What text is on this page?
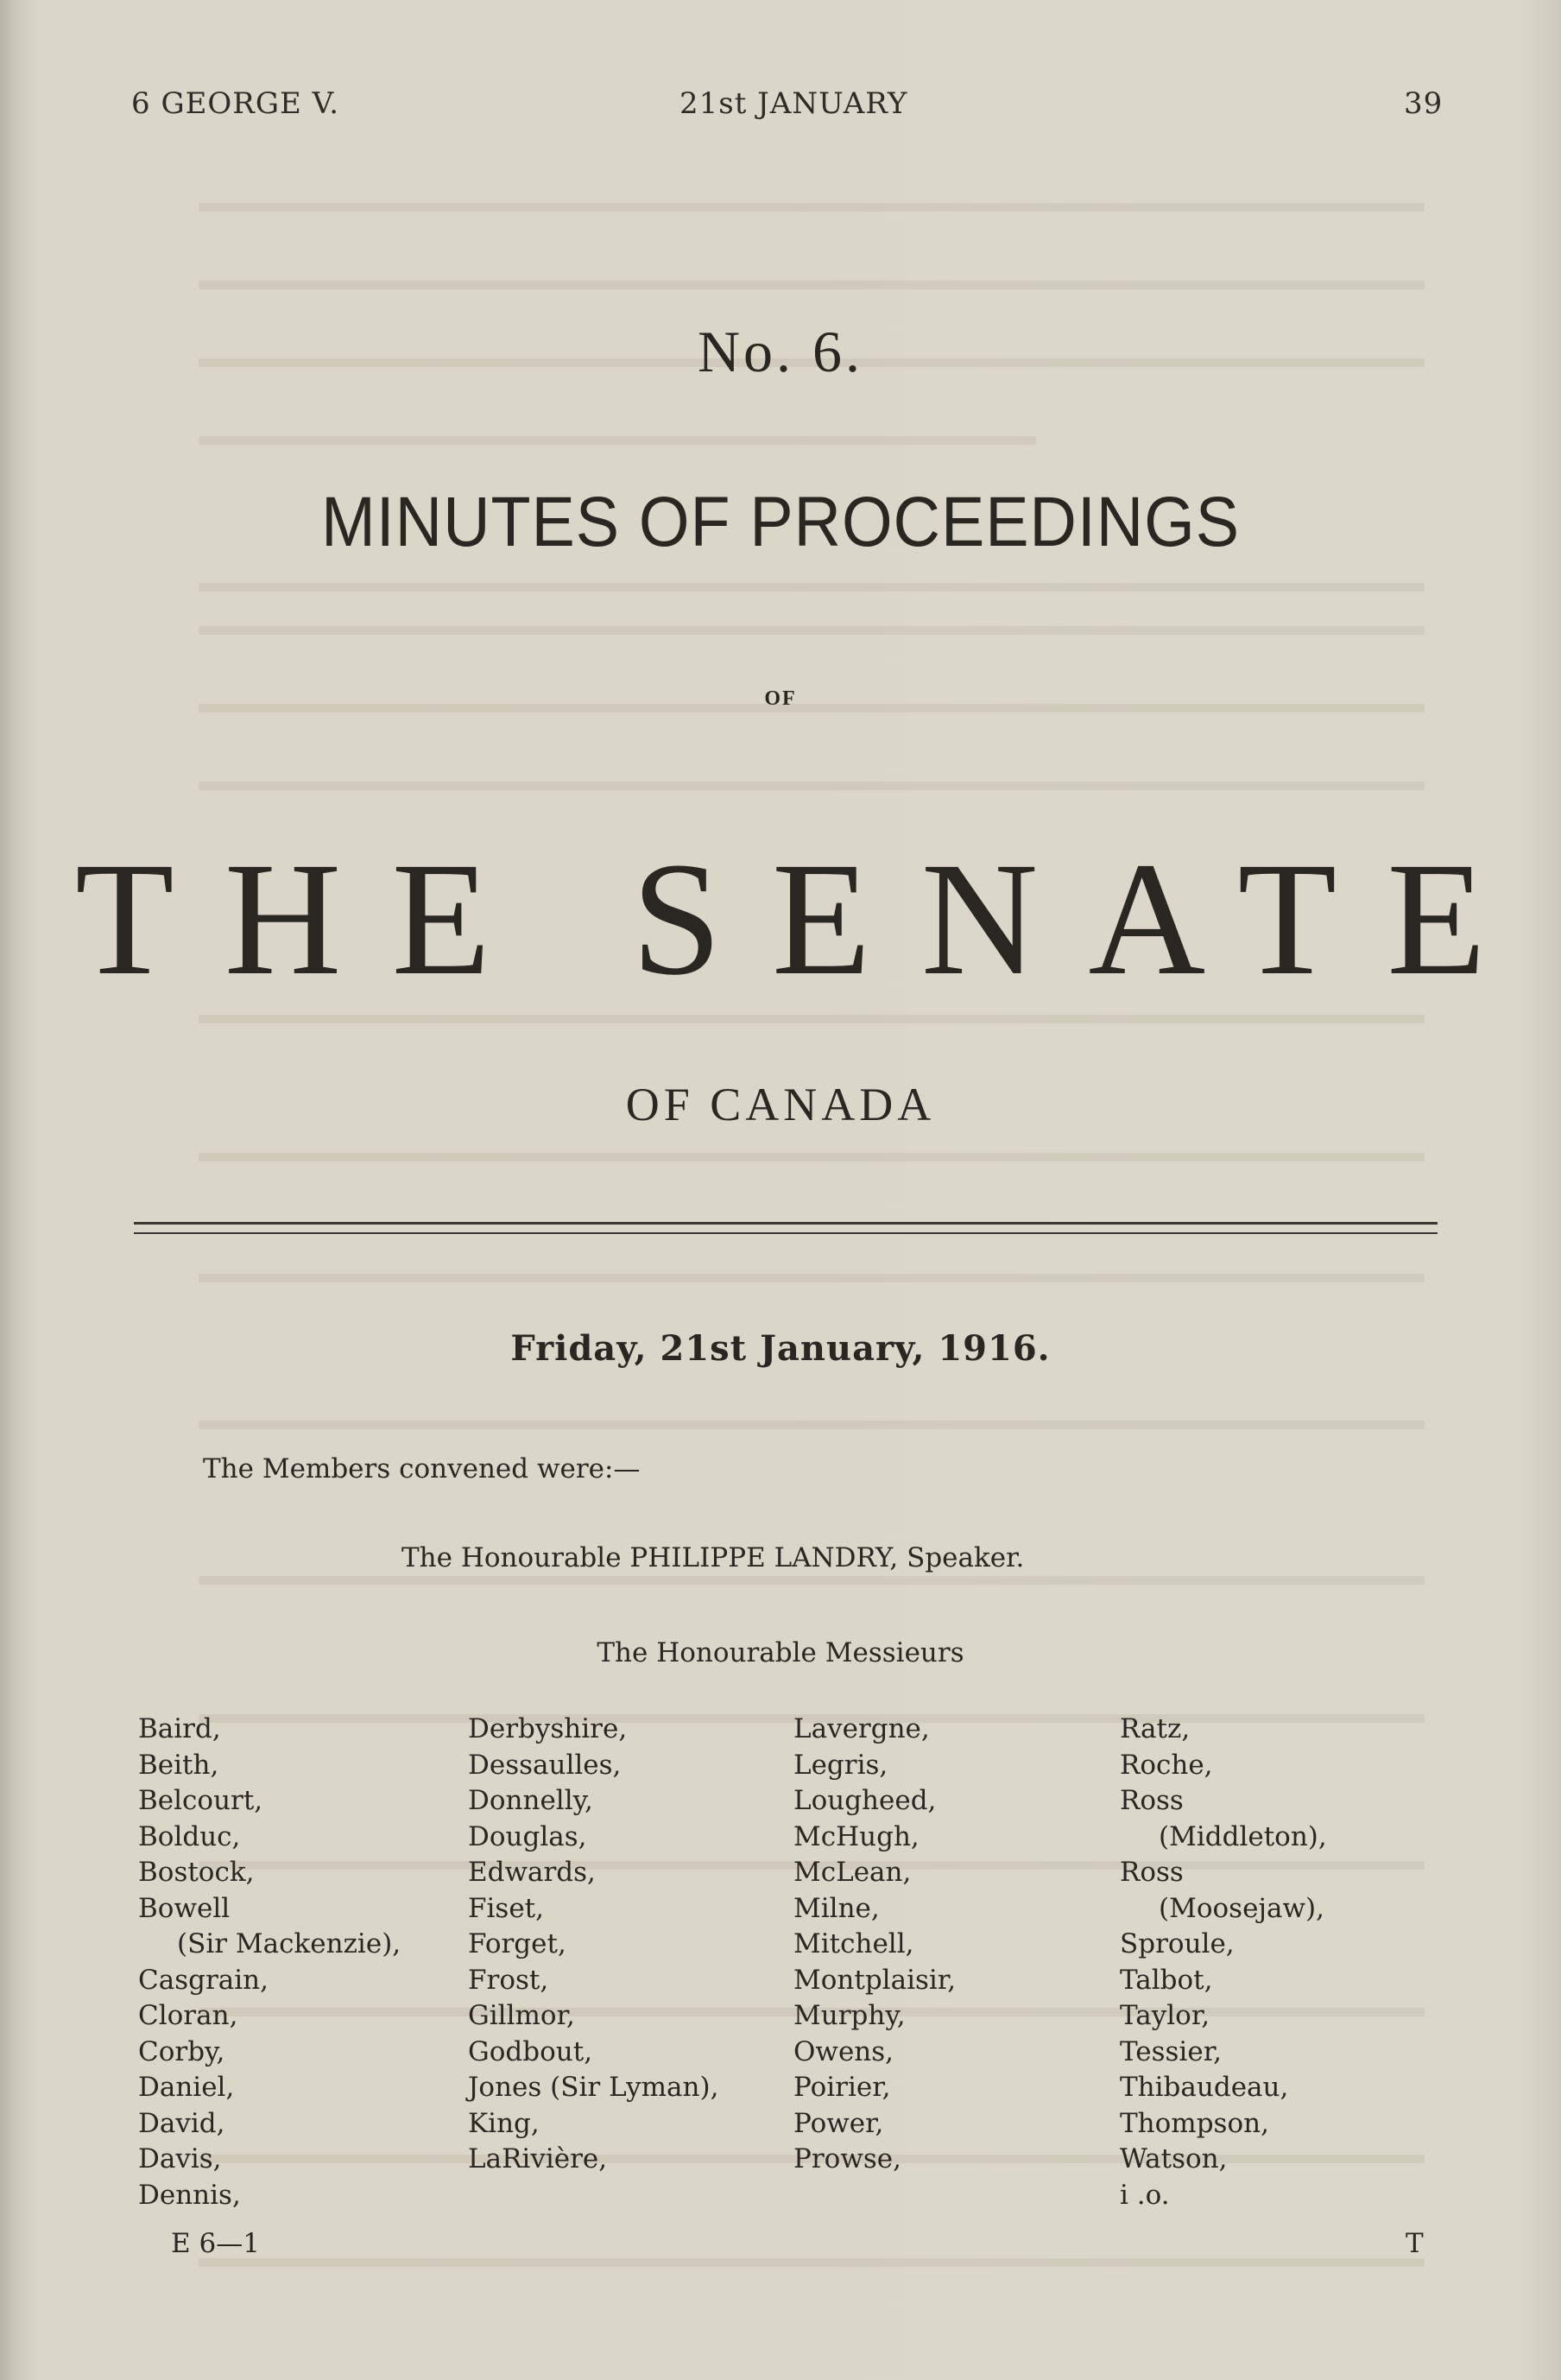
6 GEORGE V.	21st JANUARY	39
No. 6.
MINUTES OF PROCEEDINGS
OF
THE SENATE
OF CANADA
Friday, 21st January, 1916.
The Members convened were:—
The Honourable PHILIPPE LANDRY, Speaker.
The Honourable Messieurs
Baird,
Beith,
Belcourt,
Bolduc,
Bostock,
Bowell
(Sir Mackenzie),
Casgrain,
Cloran,
Corby,
Daniel,
David,
Davis,
Dennis,
Derbyshire,
Dessaulles,
Donnelly,
Douglas,
Edwards,
Fiset,
Forget,
Frost,
Gillmor,
Godbout,
Jones (Sir Lyman),
King,
LaRivière,
Lavergne,
Legris,
Lougheed,
McHugh,
McLean,
Milne,
Mitchell,
Montplaisir,
Murphy,
Owens,
Poirier,
Power,
Prowse,
Ratz,
Roche,
Ross
(Middleton),
Ross
(Moosejaw),
Sproule,
Talbot,
Taylor,
Tessier,
Thibaudeau,
Thompson,
Watson,
i .o.
E 6—1	T
